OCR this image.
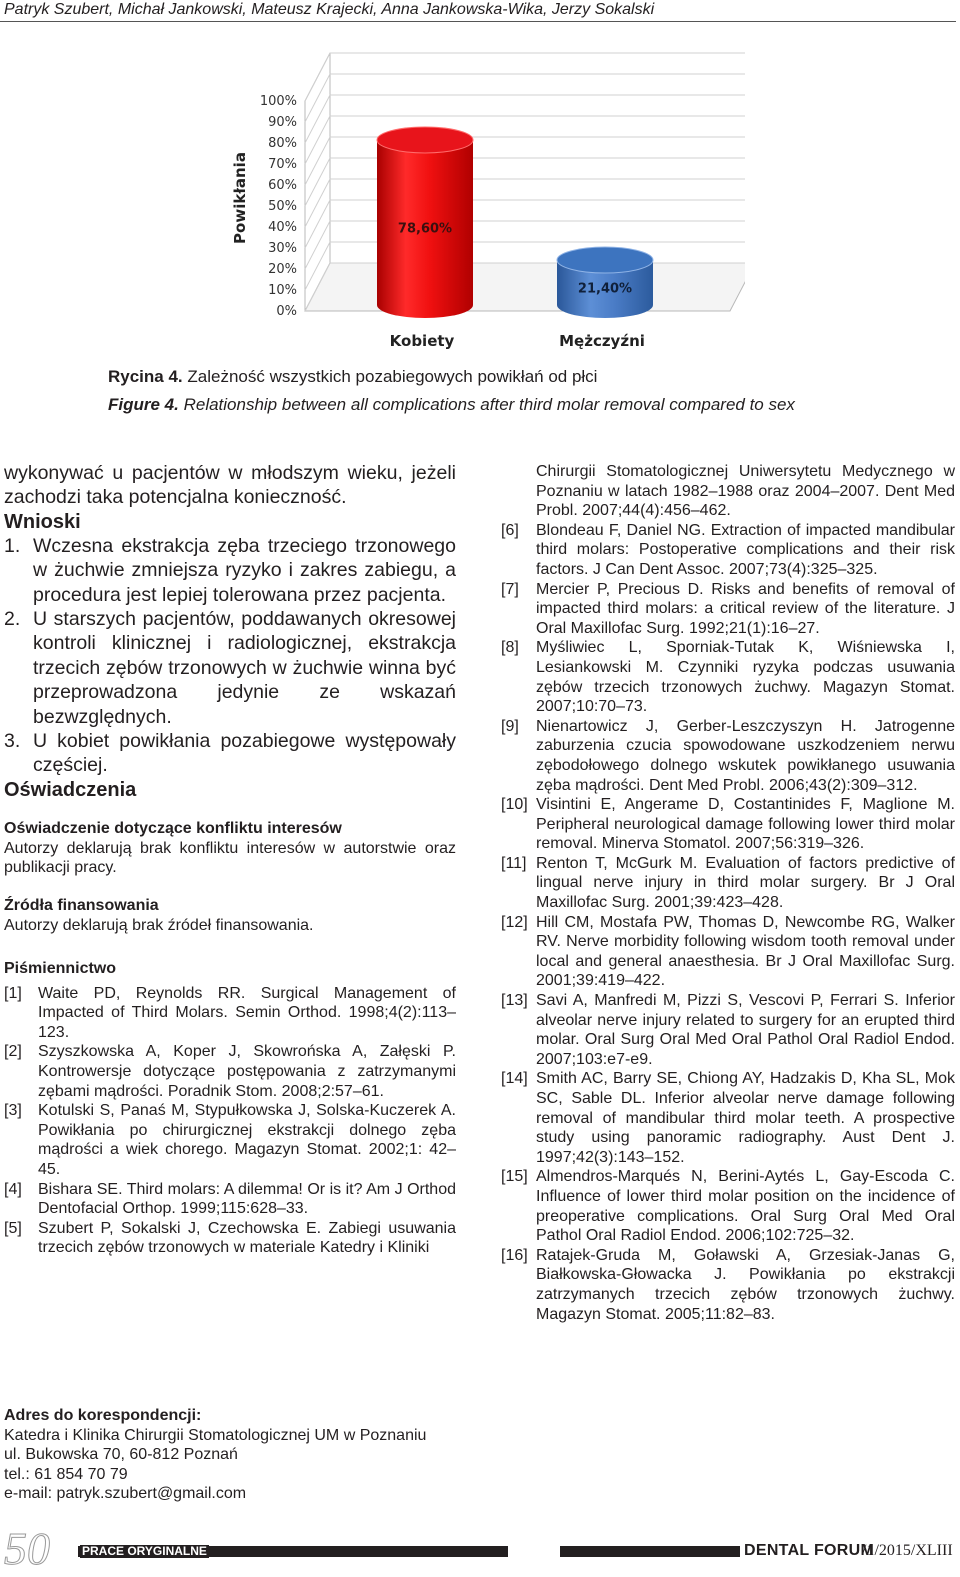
Patryk Szubert, Michał Jankowski, Mateusz Krajecki, Anna Jankowska-Wika, Jerzy Sokalski
0%
10%
20%
30%
40%
50%
60%
70%
80%
90%
100%
Powikłania	78,60%
Kobiety
21,40%
Mężczyźni
Rycina 4. Zależność wszystkich pozabiegowych powikłań od płci
Figure 4. Relationship between all complications after third molar removal compared to sex

wykonywać u pacjentów w młodszym wieku, jeżeli zachodzi taka potencjalna konieczność.

Wnioski
1. Wczesna ekstrakcja zęba trzeciego trzonowego w żuchwie zmniejsza ryzyko i zakres zabiegu, a procedura jest lepiej tolerowana przez pacjenta.
2. U starszych pacjentów, poddawanych okresowej kontroli klinicznej i radiologicznej, ekstrakcja trzecich zębów trzonowych w żuchwie winna być przeprowadzona jedynie ze wskazań bezwzględnych.
3. U kobiet powikłania pozabiegowe występowały częściej.
Oświadczenia

Oświadczenie dotyczące konfliktu interesów

Autorzy deklarują brak konfliktu interesów w autorstwie oraz publikacji pracy.

Źródła finansowania

Autorzy deklarują brak źródeł finansowania.

Piśmiennictwo

[1] Waite PD, Reynolds RR. Surgical Management of Impacted of Third Molars. Semin Orthod. 1998;4(2):113–123.
[2] Szyszkowska A, Koper J, Skowrońska A, Załęski P. Kontrowersje dotyczące postępowania z zatrzymanymi zębami mądrości. Poradnik Stom. 2008;2:57–61.
[3] Kotulski S, Panaś M, Stypułkowska J, Solska-Kuczerek A. Powikłania po chirurgicznej ekstrakcji dolnego zęba mądrości a wiek chorego. Magazyn Stomat. 2002;1: 42–45.
[4] Bishara SE. Third molars: A dilemma! Or is it? Am J Orthod Dentofacial Orthop. 1999;115:628–33.
[5] Szubert P, Sokalski J, Czechowska E. Zabiegi usuwania trzecich zębów trzonowych w materiale Katedry i Kliniki
Chirurgii Stomatologicznej Uniwersytetu Medycznego w Poznaniu w latach 1982–1988 oraz 2004–2007. Dent Med Probl. 2007;44(4):456–462.
[6] Blondeau F, Daniel NG. Extraction of impacted mandibular third molars: Postoperative complications and their risk factors. J Can Dent Assoc. 2007;73(4):325–325.
[7] Mercier P, Precious D. Risks and benefits of removal of impacted third molars: a critical review of the literature. J Oral Maxillofac Surg. 1992;21(1):16–27.
[8] Myśliwiec L, Sporniak-Tutak K, Wiśniewska I, Lesiankowski M. Czynniki ryzyka podczas usuwania zębów trzecich trzonowych żuchwy. Magazyn Stomat. 2007;10:70–73.
[9] Nienartowicz J, Gerber-Leszczyszyn H. Jatrogenne zaburzenia czucia spowodowane uszkodzeniem nerwu zębodołowego dolnego wskutek powikłanego usuwania zęba mądrości. Dent Med Probl. 2006;43(2):309–312.
[10] Visintini E, Angerame D, Costantinides F, Maglione M. Peripheral neurological damage following lower third molar removal. Minerva Stomatol. 2007;56:319–326.
[11] Renton T, McGurk M. Evaluation of factors predictive of lingual nerve injury in third molar surgery. Br J Oral Maxillofac Surg. 2001;39:423–428.
[12] Hill CM, Mostafa PW, Thomas D, Newcombe RG, Walker RV. Nerve morbidity following wisdom tooth removal under local and general anaesthesia. Br J Oral Maxillofac Surg. 2001;39:419–422.
[13] Savi A, Manfredi M, Pizzi S, Vescovi P, Ferrari S. Inferior alveolar nerve injury related to surgery for an erupted third molar. Oral Surg Oral Med Oral Pathol Oral Radiol Endod. 2007;103:e7-e9.
[14] Smith AC, Barry SE, Chiong AY, Hadzakis D, Kha SL, Mok SC, Sable DL. Inferior alveolar nerve damage following removal of mandibular third molar teeth. A prospective study using panoramic radiography. Aust Dent J. 1997;42(3):143–152.
[15] Almendros-Marqués N, Berini-Aytés L, Gay-Escoda C. Influence of lower third molar position on the incidence of preoperative complications. Oral Surg Oral Med Oral Pathol Oral Radiol Endod. 2006;102:725–32.
[16] Ratajek-Gruda M, Goławski A, Grzesiak-Janas G, Białkowska-Głowacka J. Powikłania po ekstrakcji zatrzymanych trzecich zębów trzonowych żuchwy. Magazyn Stomat. 2005;11:82–83.
Adres do korespondencji:
Katedra i Klinika Chirurgii Stomatologicznej UM w Poznaniu
ul. Bukowska 70, 60-812 Poznań
tel.: 61 854 70 79
e-mail: patryk.szubert@gmail.com
50	PRACE ORYGINALNE	DENTAL FORUM
/1/2015/XLIII
